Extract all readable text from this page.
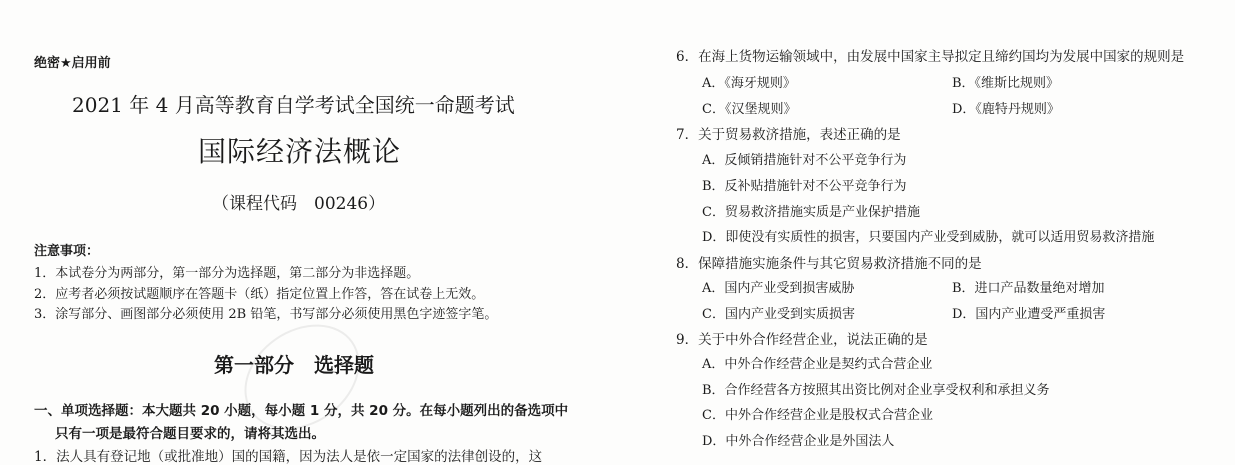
绝密★启用前
2021 年 4 月高等教育自学考试全国统一命题考试
国际经济法概论
（课程代码　00246）
注意事项：
1．本试卷分为两部分，第一部分为选择题，第二部分为非选择题。
2．应考者必须按试题顺序在答题卡（纸）指定位置上作答，答在试卷上无效。
3．涂写部分、画图部分必须使用 2B 铅笔，书写部分必须使用黑色字迹签字笔。
第一部分　选择题
一、单项选择题：本大题共 20 小题，每小题 1 分，共 20 分。在每小题列出的备选项中
只有一项是最符合题目要求的，请将其选出。
1．法人具有登记地（或批准地）国的国籍，因为法人是依一定国家的法律创设的，这
6．在海上货物运输领域中，由发展中国家主导拟定且缔约国均为发展中国家的规则是
A．《海牙规则》	B．《维斯比规则》
C．《汉堡规则》	D．《鹿特丹规则》
7．关于贸易救济措施，表述正确的是
A．反倾销措施针对不公平竞争行为
B．反补贴措施针对不公平竞争行为
C．贸易救济措施实质是产业保护措施
D．即使没有实质性的损害，只要国内产业受到威胁，就可以适用贸易救济措施
8．保障措施实施条件与其它贸易救济措施不同的是
A．国内产业受到损害威胁	B．进口产品数量绝对增加
C．国内产业受到实质损害	D．国内产业遭受严重损害
9．关于中外合作经营企业，说法正确的是
A．中外合作经营企业是契约式合营企业
B．合作经营各方按照其出资比例对企业享受权利和承担义务
C．中外合作经营企业是股权式合营企业
D．中外合作经营企业是外国法人
